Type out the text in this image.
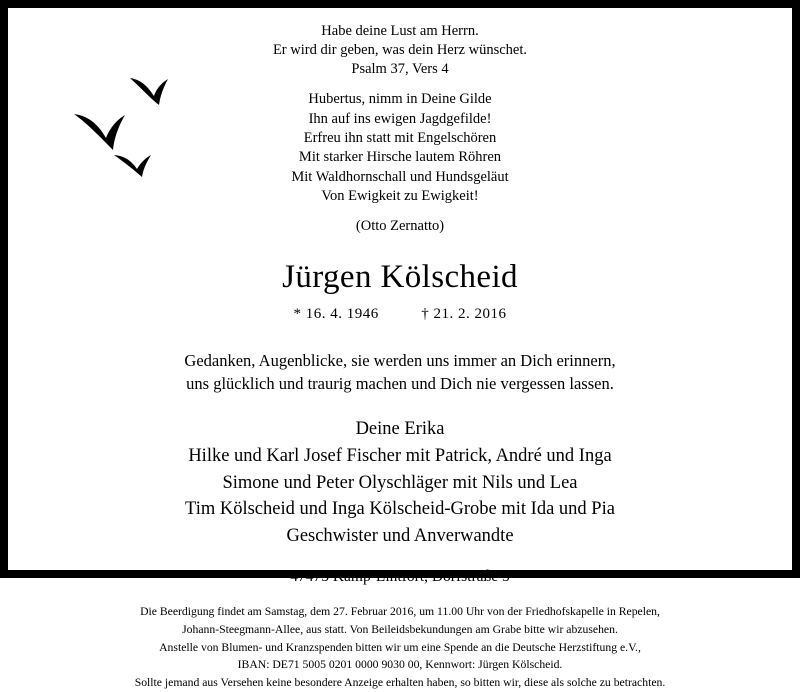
Habe deine Lust am Herrn.
Er wird dir geben, was dein Herz wünschet.
Psalm 37, Vers 4
Hubertus, nimm in Deine Gilde
Ihn auf ins ewigen Jagdgefilde!
Erfreu ihn statt mit Engelschören
Mit starker Hirsche lautem Röhren
Mit Waldhornschall und Hundsgeläut
Von Ewigkeit zu Ewigkeit!
(Otto Zernatto)
Jürgen Kölscheid
* 16. 4. 1946	† 21. 2. 2016
Gedanken, Augenblicke, sie werden uns immer an Dich erinnern,
uns glücklich und traurig machen und Dich nie vergessen lassen.
Deine Erika
Hilke und Karl Josef Fischer mit Patrick, André und Inga
Simone und Peter Olyschläger mit Nils und Lea
Tim Kölscheid und Inga Kölscheid-Grobe mit Ida und Pia
Geschwister und Anverwandte
47475 Kamp-Lintfort, Dorfstraße 5
Die Beerdigung findet am Samstag, dem 27. Februar 2016, um 11.00 Uhr von der Friedhofskapelle in Repelen,
Johann-Steegmann-Allee, aus statt. Von Beileidsbekundungen am Grabe bitte wir abzusehen.
Anstelle von Blumen- und Kranzspenden bitten wir um eine Spende an die Deutsche Herzstiftung e.V.,
IBAN: DE71 5005 0201 0000 9030 00, Kennwort: Jürgen Kölscheid.
Sollte jemand aus Versehen keine besondere Anzeige erhalten haben, so bitten wir, diese als solche zu betrachten.
